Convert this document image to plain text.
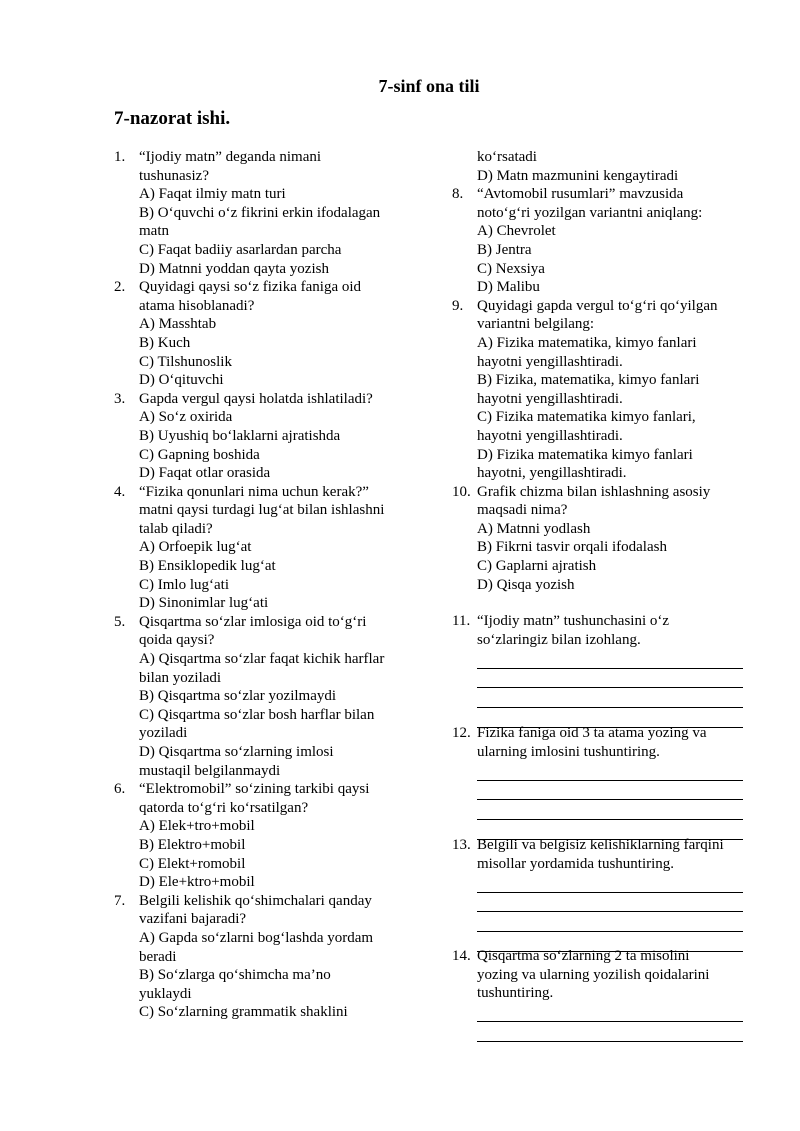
7-sinf ona tili
7-nazorat ishi.
1. “Ijodiy matn” deganda nimani
tushunasiz?
A) Faqat ilmiy matn turi
B) O‘quvchi o‘z fikrini erkin ifodalagan
matn
C) Faqat badiiy asarlardan parcha
D) Matnni yoddan qayta yozish
2. Quyidagi qaysi so‘z fizika faniga oid
atama hisoblanadi?
A) Masshtab
B) Kuch
C) Tilshunoslik
D) O‘qituvchi
3. Gapda vergul qaysi holatda ishlatiladi?
A) So‘z oxirida
B) Uyushiq bo‘laklarni ajratishda
C) Gapning boshida
D) Faqat otlar orasida
4. “Fizika qonunlari nima uchun kerak?”
matni qaysi turdagi lug‘at bilan ishlashni
talab qiladi?
A) Orfoepik lug‘at
B) Ensiklopedik lug‘at
C) Imlo lug‘ati
D) Sinonimlar lug‘ati
5. Qisqartma so‘zlar imlosiga oid to‘g‘ri
qoida qaysi?
A) Qisqartma so‘zlar faqat kichik harflar
bilan yoziladi
B) Qisqartma so‘zlar yozilmaydi
C) Qisqartma so‘zlar bosh harflar bilan
yoziladi
D) Qisqartma so‘zlarning imlosi
mustaqil belgilanmaydi
6. “Elektromobil” so‘zining tarkibi qaysi
qatorda to‘g‘ri ko‘rsatilgan?
A) Elek+tro+mobil
B) Elektro+mobil
C) Elekt+romobil
D) Ele+ktro+mobil
7. Belgili kelishik qo‘shimchalari qanday
vazifani bajaradi?
A) Gapda so‘zlarni bog‘lashda yordam
beradi
B) So‘zlarga qo‘shimcha ma’no
yuklaydi
C) So‘zlarning grammatik shaklini
ko‘rsatadi
D) Matn mazmunini kengaytiradi
8. “Avtomobil rusumlari” mavzusida
noto‘g‘ri yozilgan variantni aniqlang:
A) Chevrolet
B) Jentra
C) Nexsiya
D) Malibu
9. Quyidagi gapda vergul to‘g‘ri qo‘yilgan
variantni belgilang:
A) Fizika matematika, kimyo fanlari
hayotni yengillashtiradi.
B) Fizika, matematika, kimyo fanlari
hayotni yengillashtiradi.
C) Fizika matematika kimyo fanlari,
hayotni yengillashtiradi.
D) Fizika matematika kimyo fanlari
hayotni, yengillashtiradi.
10. Grafik chizma bilan ishlashning asosiy
maqsadi nima?
A) Matnni yodlash
B) Fikrni tasvir orqali ifodalash
C) Gaplarni ajratish
D) Qisqa yozish
11. “Ijodiy matn” tushunchasini o‘z
so‘zlaringiz bilan izohlang.
12. Fizika faniga oid 3 ta atama yozing va
ularning imlosini tushuntiring.
13. Belgili va belgisiz kelishiklarning farqini
misollar yordamida tushuntiring.
14. Qisqartma so‘zlarning 2 ta misolini
yozing va ularning yozilish qoidalarini
tushuntiring.
